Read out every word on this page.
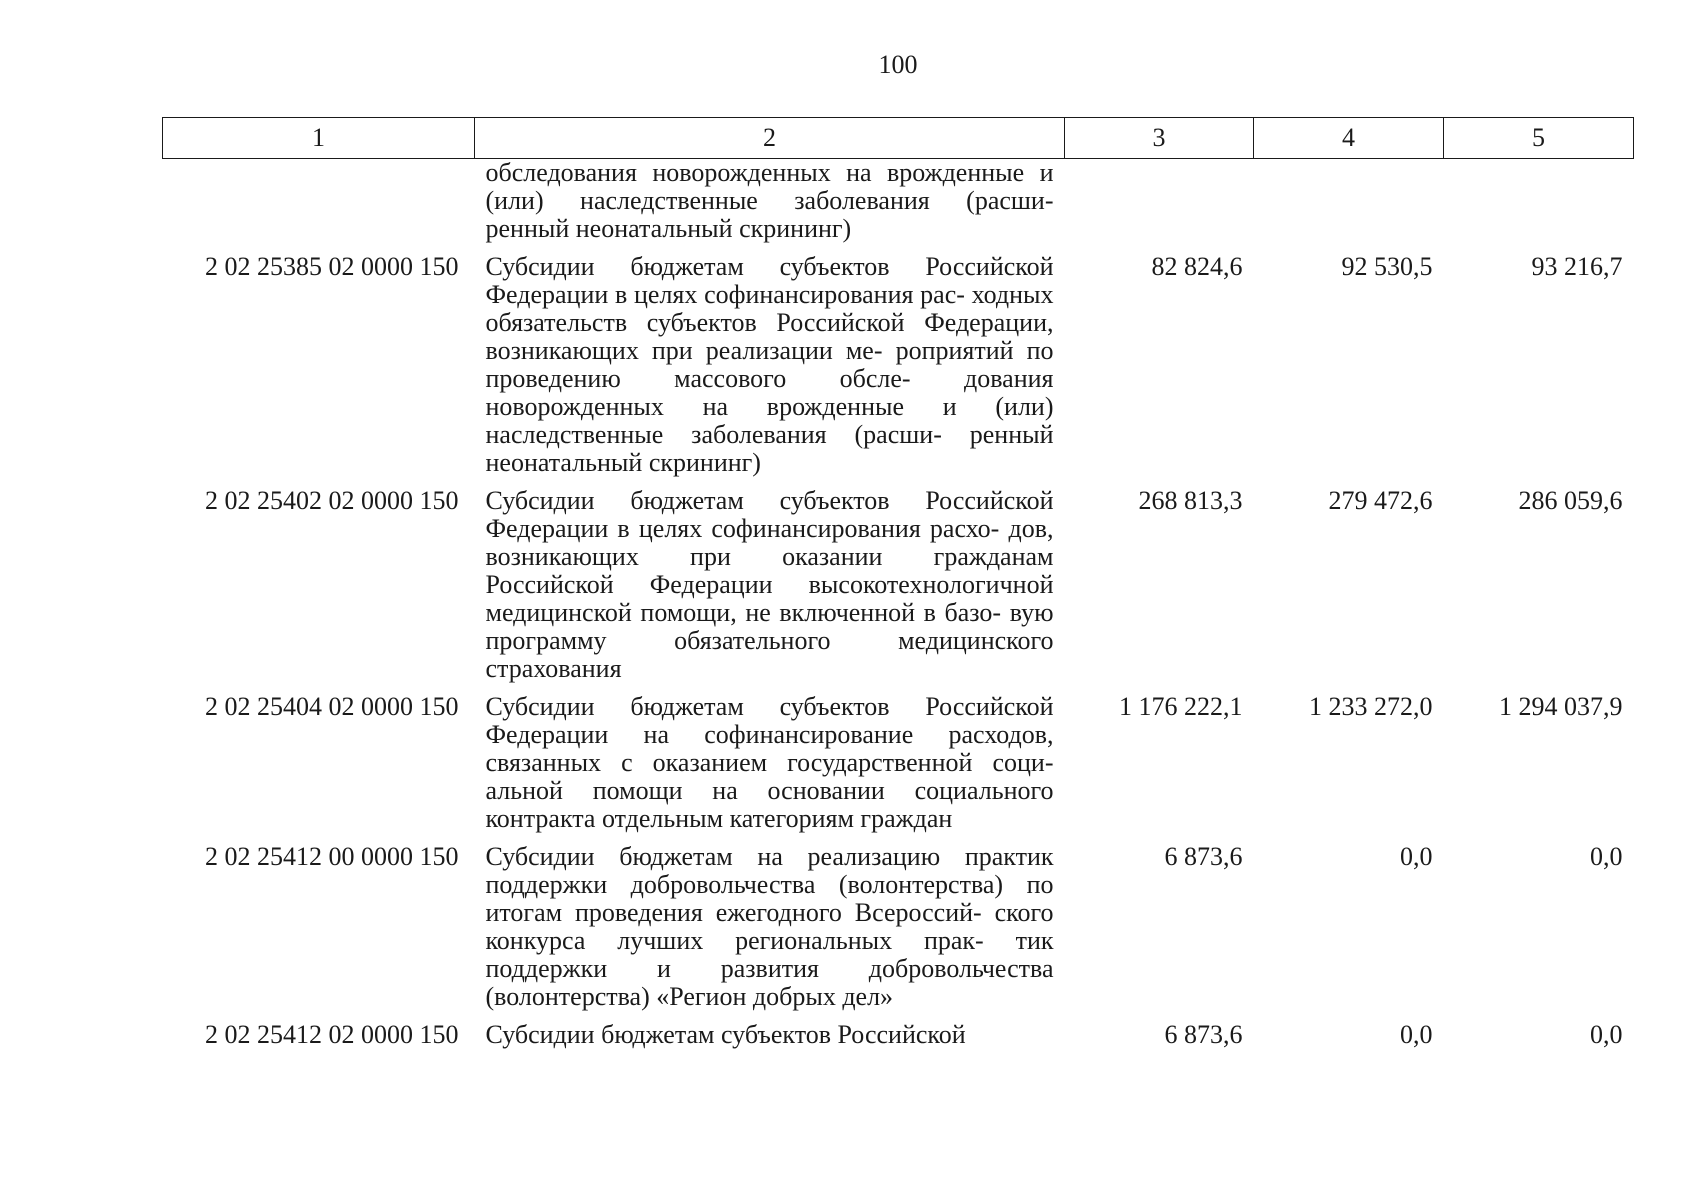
100
1	2	3	4	5
	обследования новорожденных на врожденные и (или) наследственные заболевания (расши- ренный неонатальный скрининг)			
2 02 25385 02 0000 150	Субсидии бюджетам субъектов Российской Федерации в целях софинансирования рас- ходных обязательств субъектов Российской Федерации, возникающих при реализации ме- роприятий по проведению массового обсле- дования новорожденных на врожденные и (или) наследственные заболевания (расши- ренный неонатальный скрининг)	82 824,6	92 530,5	93 216,7
2 02 25402 02 0000 150	Субсидии бюджетам субъектов Российской Федерации в целях софинансирования расхо- дов, возникающих при оказании гражданам Российской Федерации высокотехнологичной медицинской помощи, не включенной в базо- вую программу обязательного медицинского страхования	268 813,3	279 472,6	286 059,6
2 02 25404 02 0000 150	Субсидии бюджетам субъектов Российской Федерации на софинансирование расходов, связанных с оказанием государственной соци- альной помощи на основании социального контракта отдельным категориям граждан	1 176 222,1	1 233 272,0	1 294 037,9
2 02 25412 00 0000 150	Субсидии бюджетам на реализацию практик поддержки добровольчества (волонтерства) по итогам проведения ежегодного Всероссий- ского конкурса лучших региональных прак- тик поддержки и развития добровольчества (волонтерства) «Регион добрых дел»	6 873,6	0,0	0,0
2 02 25412 02 0000 150	Субсидии бюджетам субъектов Российской	6 873,6	0,0	0,0
